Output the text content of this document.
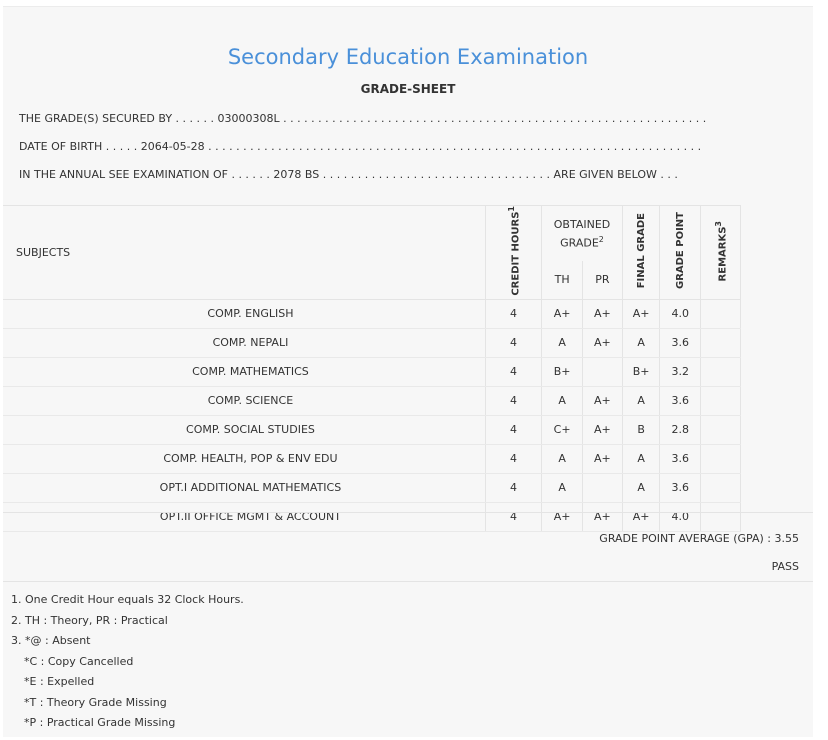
Secondary Education Examination
GRADE-SHEET
THE GRADE(S) SECURED BY . . . . . . 03000308L . . . . . . . . . . . . . . . . . . . . . . . . . . . . . . . . . . . . . . . . . . . . . . . . . . . . . . . . . . . . .
DATE OF BIRTH . . . . . 2064-05-28 . . . . . . . . . . . . . . . . . . . . . . . . . . . . . . . . . . . . . . . . . . . . . . . . . . . . . . . . . . . . . . . . . . . . . . .
IN THE ANNUAL SEE EXAMINATION OF . . . . . . 2078 BS . . . . . . . . . . . . . . . . . . . . . . . . . . . . . . . . . ARE GIVEN BELOW . . .
SUBJECTS	CREDIT HOURS$^1$	OBTAINED GRADE$^2$		FINAL GRADE	GRADE POINT	REMARKS$^3$
		TH	PR			
COMP. ENGLISH	4	A+	A+	A+	4.0	
COMP. NEPALI	4	A	A+	A	3.6	
COMP. MATHEMATICS	4	B+		B+	3.2	
COMP. SCIENCE	4	A	A+	A	3.6	
COMP. SOCIAL STUDIES	4	C+	A+	B	2.8	
COMP. HEALTH, POP & ENV EDU	4	A	A+	A	3.6	
OPT.I ADDITIONAL MATHEMATICS	4	A		A	3.6	
OPT.II OFFICE MGMT & ACCOUNT	4	A+	A+	A+	4.0	
GRADE POINT AVERAGE (GPA) : 3.55
PASS
1. One Credit Hour equals 32 Clock Hours.
2. TH : Theory, PR : Practical
3. *@ : Absent
*C : Copy Cancelled
*E : Expelled
*T : Theory Grade Missing
*P : Practical Grade Missing
